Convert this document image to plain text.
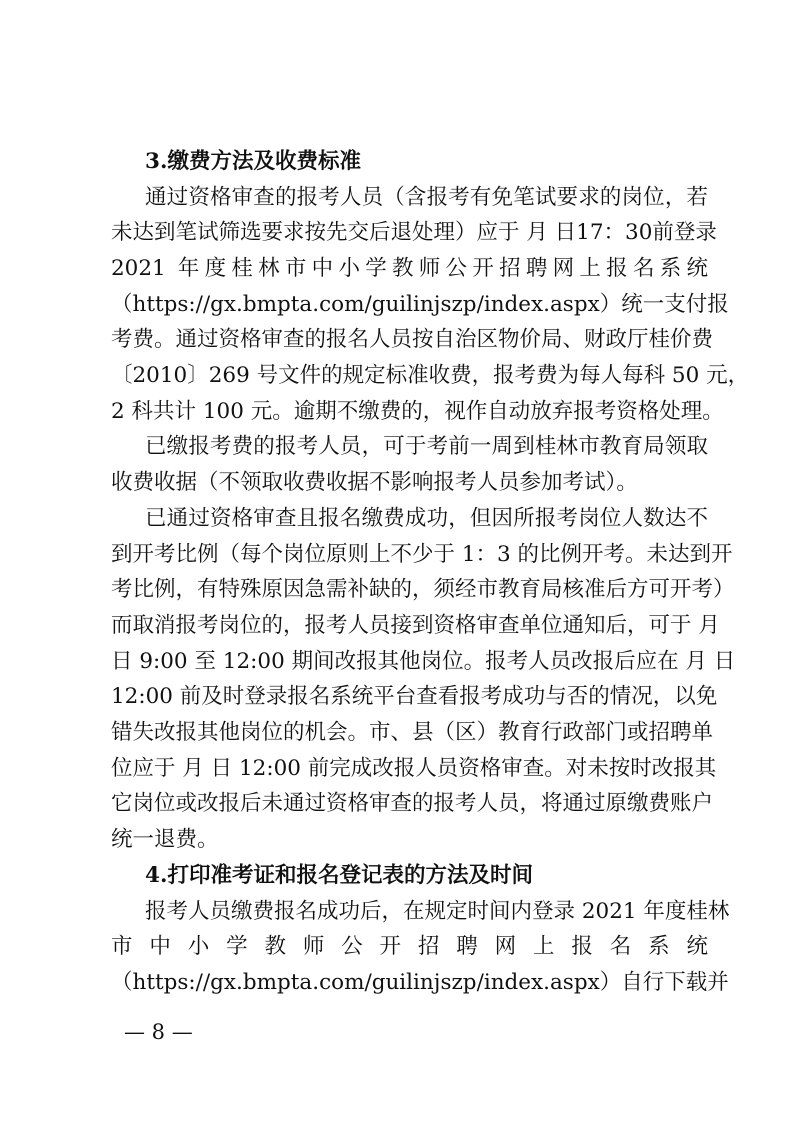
3.缴费方法及收费标准
通过资格审查的报考人员（含报考有免笔试要求的岗位，若
未达到笔试筛选要求按先交后退处理）应于 月 日17：30前登录
2021 年度桂林市中小学教师公开招聘网上报名系统
（https://gx.bmpta.com/guilinjszp/index.aspx）统一支付报
考费。通过资格审查的报名人员按自治区物价局、财政厅桂价费
〔2010〕269 号文件的规定标准收费，报考费为每人每科 50 元，
2 科共计 100 元。逾期不缴费的，视作自动放弃报考资格处理。
已缴报考费的报考人员，可于考前一周到桂林市教育局领取
收费收据（不领取收费收据不影响报考人员参加考试）。
已通过资格审查且报名缴费成功，但因所报考岗位人数达不
到开考比例（每个岗位原则上不少于 1：3 的比例开考。未达到开
考比例，有特殊原因急需补缺的，须经市教育局核准后方可开考）
而取消报考岗位的，报考人员接到资格审查单位通知后，可于 月
日 9:00 至 12:00 期间改报其他岗位。报考人员改报后应在 月 日
12:00 前及时登录报名系统平台查看报考成功与否的情况，以免
错失改报其他岗位的机会。市、县（区）教育行政部门或招聘单
位应于 月 日 12:00 前完成改报人员资格审查。对未按时改报其
它岗位或改报后未通过资格审查的报考人员，将通过原缴费账户
统一退费。
4.打印准考证和报名登记表的方法及时间
报考人员缴费报名成功后，在规定时间内登录 2021 年度桂林
市中小学教师公开招聘网上报名系统
（https://gx.bmpta.com/guilinjszp/index.aspx）自行下载并
— 8 —
